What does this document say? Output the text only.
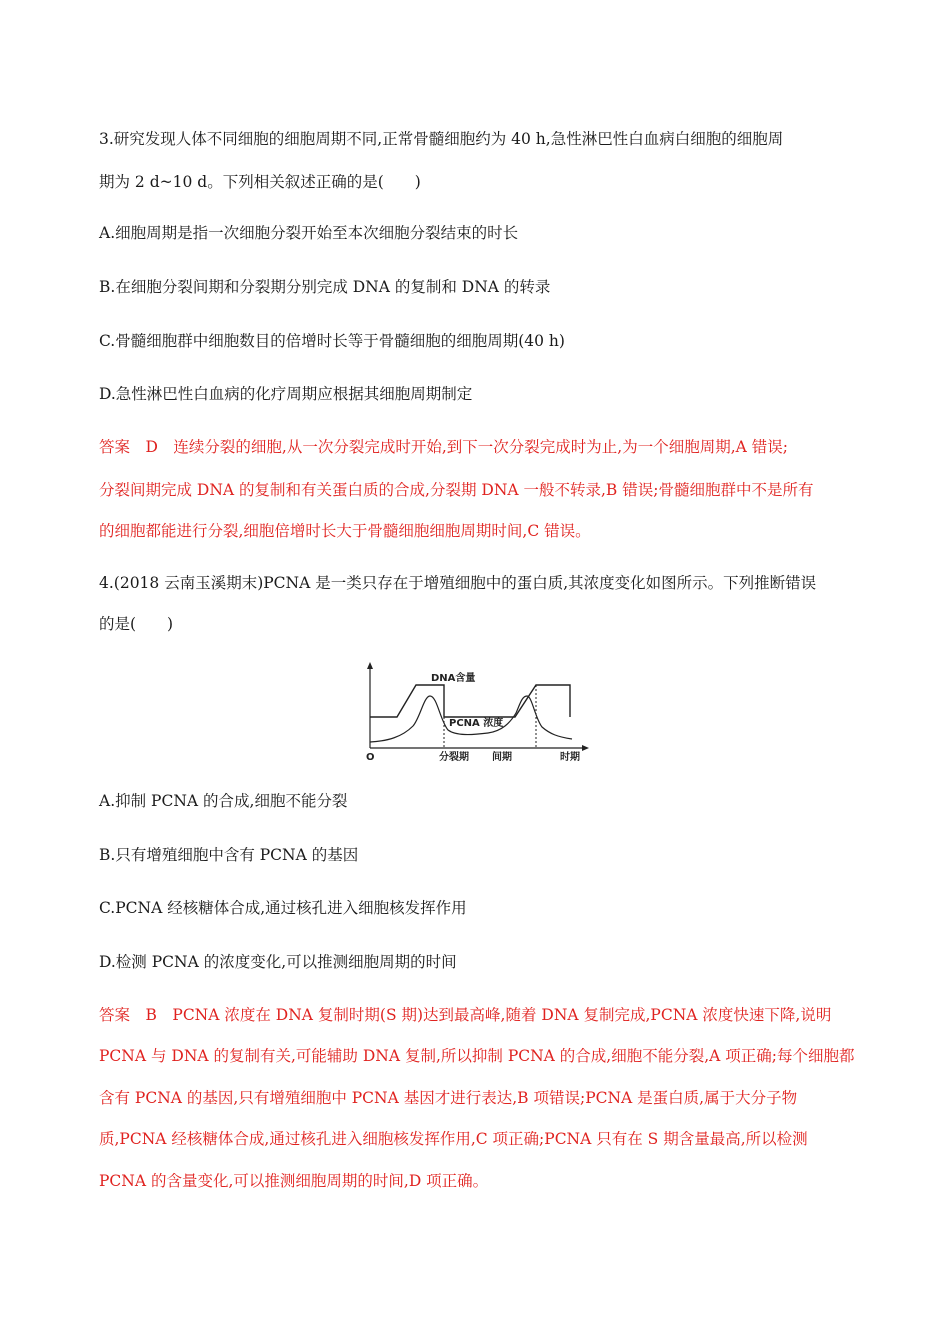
3.研究发现人体不同细胞的细胞周期不同,正常骨髓细胞约为 40 h,急性淋巴性白血病白细胞的细胞周
期为 2 d~10 d。下列相关叙述正确的是(　　)
A.细胞周期是指一次细胞分裂开始至本次细胞分裂结束的时长
B.在细胞分裂间期和分裂期分别完成 DNA 的复制和 DNA 的转录
C.骨髓细胞群中细胞数目的倍增时长等于骨髓细胞的细胞周期(40 h)
D.急性淋巴性白血病的化疗周期应根据其细胞周期制定
答案　D　连续分裂的细胞,从一次分裂完成时开始,到下一次分裂完成时为止,为一个细胞周期,A 错误;
分裂间期完成 DNA 的复制和有关蛋白质的合成,分裂期 DNA 一般不转录,B 错误;骨髓细胞群中不是所有
的细胞都能进行分裂,细胞倍增时长大于骨髓细胞细胞周期时间,C 错误。
4.(2018 云南玉溪期末)PCNA 是一类只存在于增殖细胞中的蛋白质,其浓度变化如图所示。下列推断错误
的是(　　)
DNA含量
PCNA 浓度
O	分裂期 间期	时期
A.抑制 PCNA 的合成,细胞不能分裂
B.只有增殖细胞中含有 PCNA 的基因
C.PCNA 经核糖体合成,通过核孔进入细胞核发挥作用
D.检测 PCNA 的浓度变化,可以推测细胞周期的时间
答案　B　PCNA 浓度在 DNA 复制时期(S 期)达到最高峰,随着 DNA 复制完成,PCNA 浓度快速下降,说明
PCNA 与 DNA 的复制有关,可能辅助 DNA 复制,所以抑制 PCNA 的合成,细胞不能分裂,A 项正确;每个细胞都
含有 PCNA 的基因,只有增殖细胞中 PCNA 基因才进行表达,B 项错误;PCNA 是蛋白质,属于大分子物
质,PCNA 经核糖体合成,通过核孔进入细胞核发挥作用,C 项正确;PCNA 只有在 S 期含量最高,所以检测
PCNA 的含量变化,可以推测细胞周期的时间,D 项正确。
